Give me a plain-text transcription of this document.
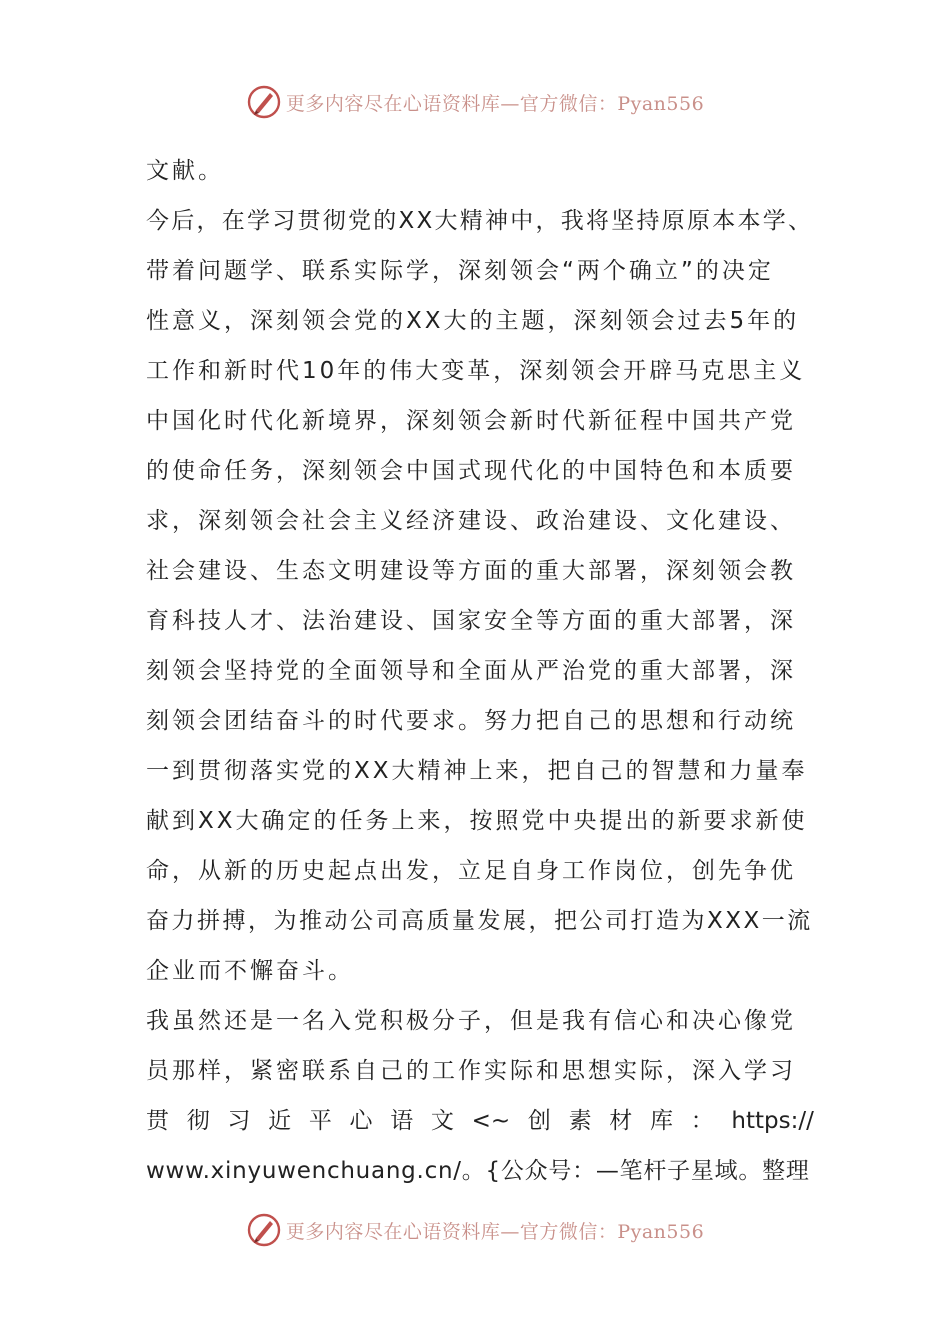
更多内容尽在心语资料库—官方微信：Pyan556
文献。
今后，在学习贯彻党的XX大精神中，我将坚持原原本本学、
带着问题学、联系实际学，深刻领会“两个确立”的决定
性意义，深刻领会党的XX大的主题，深刻领会过去5年的
工作和新时代10年的伟大变革，深刻领会开辟马克思主义
中国化时代化新境界，深刻领会新时代新征程中国共产党
的使命任务，深刻领会中国式现代化的中国特色和本质要
求，深刻领会社会主义经济建设、政治建设、文化建设、
社会建设、生态文明建设等方面的重大部署，深刻领会教
育科技人才、法治建设、国家安全等方面的重大部署，深
刻领会坚持党的全面领导和全面从严治党的重大部署，深
刻领会团结奋斗的时代要求。努力把自己的思想和行动统
一到贯彻落实党的XX大精神上来，把自己的智慧和力量奉
献到XX大确定的任务上来，按照党中央提出的新要求新使
命，从新的历史起点出发，立足自身工作岗位，创先争优
奋力拼搏，为推动公司高质量发展，把公司打造为XXX一流
企业而不懈奋斗。
我虽然还是一名入党积极分子，但是我有信心和决心像党
员那样，紧密联系自己的工作实际和思想实际，深入学习
贯 彻 习 近 平 心 语 文 <~ 创 素 材 库 ： https://
www.xinyuwenchuang.cn/。{公众号：—笔杆子星域。整理
更多内容尽在心语资料库—官方微信：Pyan556
